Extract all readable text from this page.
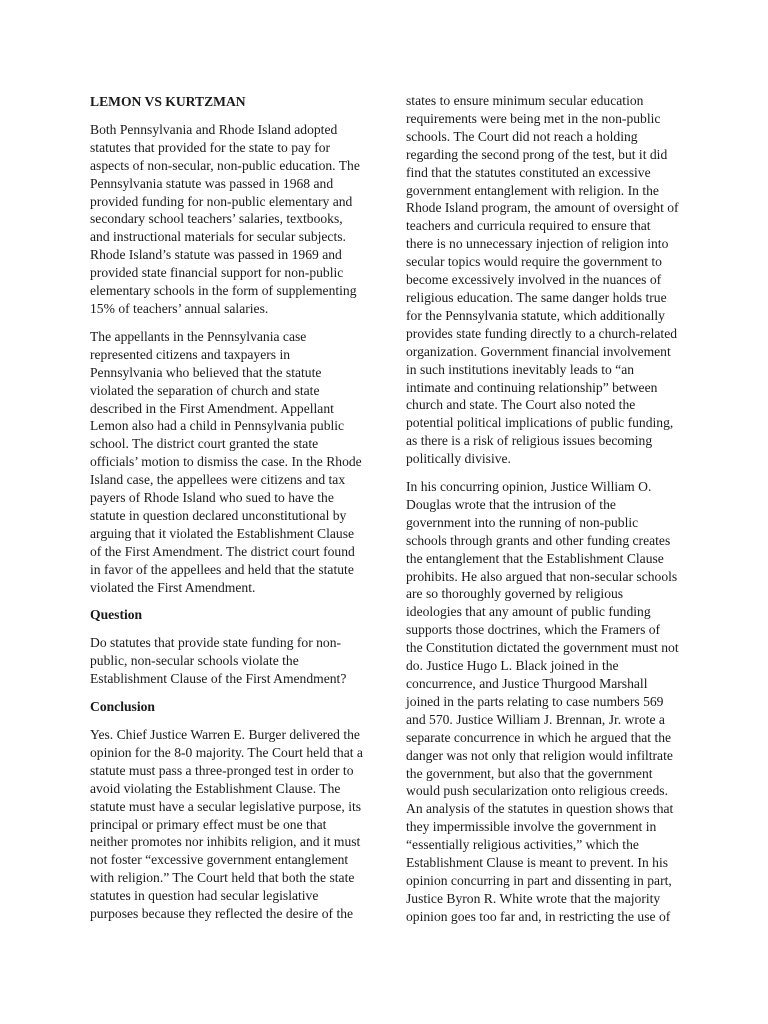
LEMON VS KURTZMAN

Both Pennsylvania and Rhode Island adopted statutes that provided for the state to pay for aspects of non-secular, non-public education. The Pennsylvania statute was passed in 1968 and provided funding for non-public elementary and secondary school teachers’ salaries, textbooks, and instructional materials for secular subjects. Rhode Island’s statute was passed in 1969 and provided state financial support for non-public elementary schools in the form of supplementing 15% of teachers’ annual salaries.

The appellants in the Pennsylvania case represented citizens and taxpayers in Pennsylvania who believed that the statute violated the separation of church and state described in the First Amendment. Appellant Lemon also had a child in Pennsylvania public school. The district court granted the state officials’ motion to dismiss the case. In the Rhode Island case, the appellees were citizens and tax payers of Rhode Island who sued to have the statute in question declared unconstitutional by arguing that it violated the Establishment Clause of the First Amendment. The district court found in favor of the appellees and held that the statute violated the First Amendment.

Question

Do statutes that provide state funding for non-public, non-secular schools violate the Establishment Clause of the First Amendment?

Conclusion

Yes. Chief Justice Warren E. Burger delivered the opinion for the 8-0 majority. The Court held that a statute must pass a three-pronged test in order to avoid violating the Establishment Clause. The statute must have a secular legislative purpose, its principal or primary effect must be one that neither promotes nor inhibits religion, and it must not foster “excessive government entanglement with religion.” The Court held that both the state statutes in question had secular legislative purposes because they reflected the desire of the

states to ensure minimum secular education requirements were being met in the non-public schools. The Court did not reach a holding regarding the second prong of the test, but it did find that the statutes constituted an excessive government entanglement with religion. In the Rhode Island program, the amount of oversight of teachers and curricula required to ensure that there is no unnecessary injection of religion into secular topics would require the government to become excessively involved in the nuances of religious education. The same danger holds true for the Pennsylvania statute, which additionally provides state funding directly to a church-related organization. Government financial involvement in such institutions inevitably leads to “an intimate and continuing relationship” between church and state. The Court also noted the potential political implications of public funding, as there is a risk of religious issues becoming politically divisive.

In his concurring opinion, Justice William O. Douglas wrote that the intrusion of the government into the running of non-public schools through grants and other funding creates the entanglement that the Establishment Clause prohibits. He also argued that non-secular schools are so thoroughly governed by religious ideologies that any amount of public funding supports those doctrines, which the Framers of the Constitution dictated the government must not do. Justice Hugo L. Black joined in the concurrence, and Justice Thurgood Marshall joined in the parts relating to case numbers 569 and 570. Justice William J. Brennan, Jr. wrote a separate concurrence in which he argued that the danger was not only that religion would infiltrate the government, but also that the government would push secularization onto religious creeds. An analysis of the statutes in question shows that they impermissible involve the government in “essentially religious activities,” which the Establishment Clause is meant to prevent. In his opinion concurring in part and dissenting in part, Justice Byron R. White wrote that the majority opinion goes too far and, in restricting the use of
